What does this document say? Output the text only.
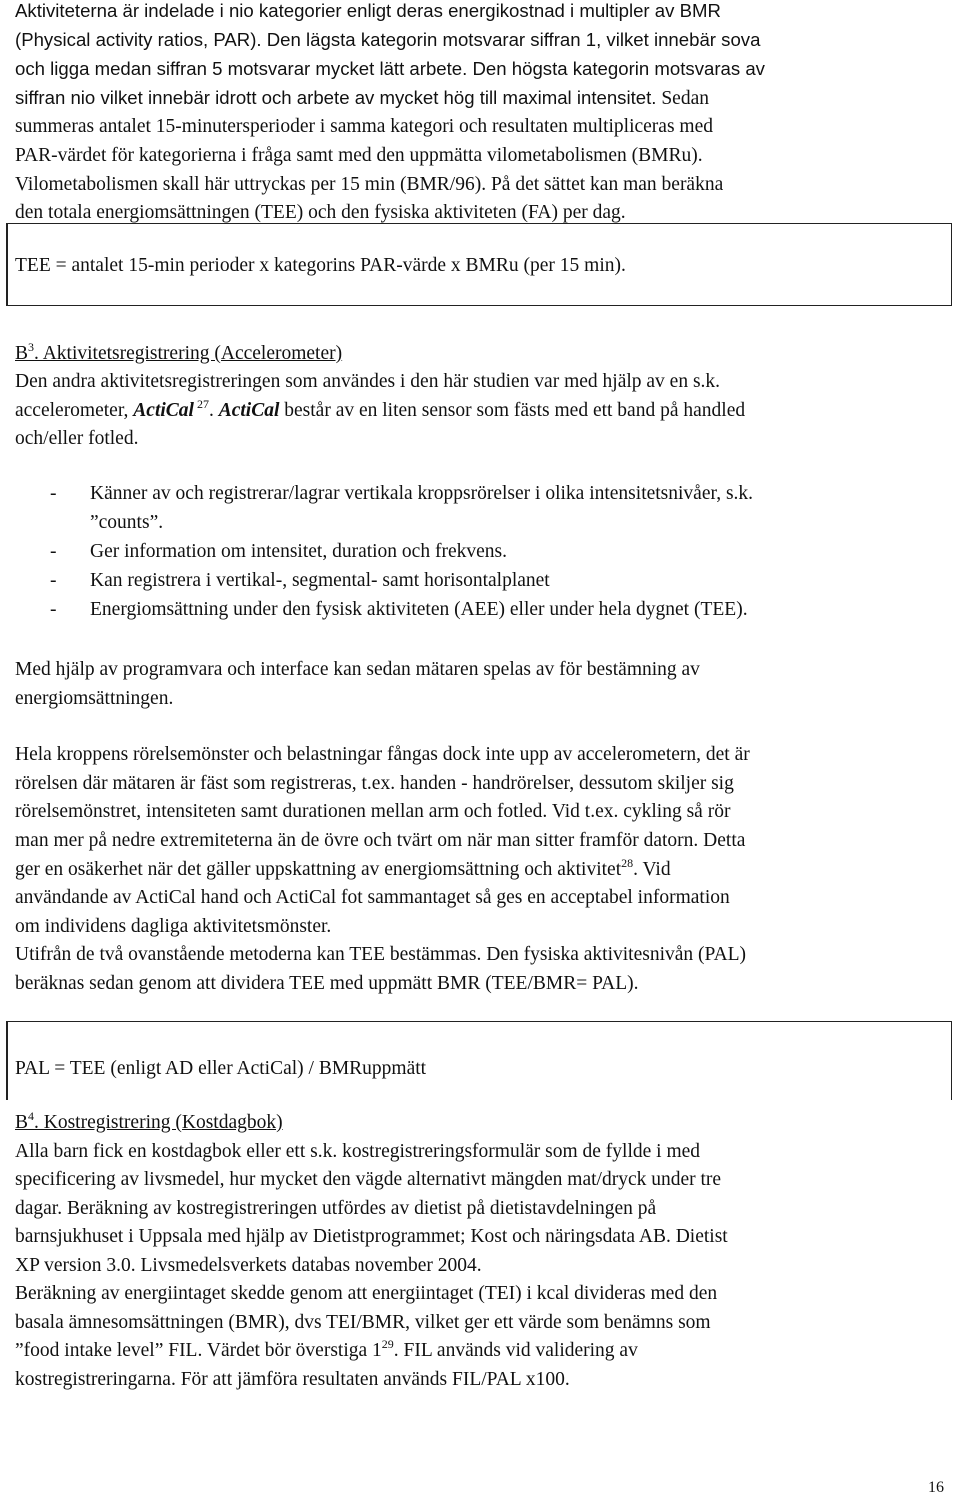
Aktiviteterna är indelade i nio kategorier enligt deras energikostnad i multipler av BMR

(Physical activity ratios, PAR). Den lägsta kategorin motsvarar siffran 1, vilket innebär sova

och ligga medan siffran 5 motsvarar mycket lätt arbete. Den högsta kategorin motsvaras av

siffran nio vilket innebär idrott och arbete av mycket hög till maximal intensitet. Sedan

summeras antalet 15-minutersperioder i samma kategori och resultaten multipliceras med

PAR-värdet för kategorierna i fråga samt med den uppmätta vilometabolismen (BMRu).

Vilometabolismen skall här uttryckas per 15 min (BMR/96). På det sättet kan man beräkna

den totala energiomsättningen (TEE) och den fysiska aktiviteten (FA) per dag.

TEE = antalet 15-min perioder x kategorins PAR-värde x BMRu (per 15 min).

$B^3$. Aktivitetsregistrering (Accelerometer)

Den andra aktivitetsregistreringen som användes i den här studien var med hjälp av en s.k.

accelerometer, ActiCal $^{27}$. ActiCal består av en liten sensor som fästs med ett band på handled

och/eller fotled.

- Känner av och registrerar/lagrar vertikala kroppsrörelser i olika intensitetsnivåer, s.k.
”counts”.
- Ger information om intensitet, duration och frekvens.
- Kan registrera i vertikal-, segmental- samt horisontalplanet
- Energiomsättning under den fysisk aktiviteten (AEE) eller under hela dygnet (TEE).

Med hjälp av programvara och interface kan sedan mätaren spelas av för bestämning av

energiomsättningen.

Hela kroppens rörelsemönster och belastningar fångas dock inte upp av accelerometern, det är

rörelsen där mätaren är fäst som registreras, t.ex. handen - handrörelser, dessutom skiljer sig

rörelsemönstret, intensiteten samt durationen mellan arm och fotled. Vid t.ex. cykling så rör

man mer på nedre extremiteterna än de övre och tvärt om när man sitter framför datorn. Detta

ger en osäkerhet när det gäller uppskattning av energiomsättning och aktivitet$^{28}$. Vid

användande av ActiCal hand och ActiCal fot sammantaget så ges en acceptabel information

om individens dagliga aktivitetsmönster.

Utifrån de två ovanstående metoderna kan TEE bestämmas. Den fysiska aktivitesnivån (PAL)

beräknas sedan genom att dividera TEE med uppmätt BMR (TEE/BMR= PAL).

PAL = TEE (enligt AD eller ActiCal) / BMRuppmätt

$B^4$. Kostregistrering (Kostdagbok)

Alla barn fick en kostdagbok eller ett s.k. kostregistreringsformulär som de fyllde i med

specificering av livsmedel, hur mycket den vägde alternativt mängden mat/dryck under tre

dagar. Beräkning av kostregistreringen utfördes av dietist på dietistavdelningen på

barnsjukhuset i Uppsala med hjälp av Dietistprogrammet; Kost och näringsdata AB. Dietist

XP version 3.0. Livsmedelsverkets databas november 2004.

Beräkning av energiintaget skedde genom att energiintaget (TEI) i kcal divideras med den

basala ämnesomsättningen (BMR), dvs TEI/BMR, vilket ger ett värde som benämns som

”food intake level” FIL. Värdet bör överstiga $1^{29}$. FIL används vid validering av

kostregistreringarna. För att jämföra resultaten används FIL/PAL x100.

16
